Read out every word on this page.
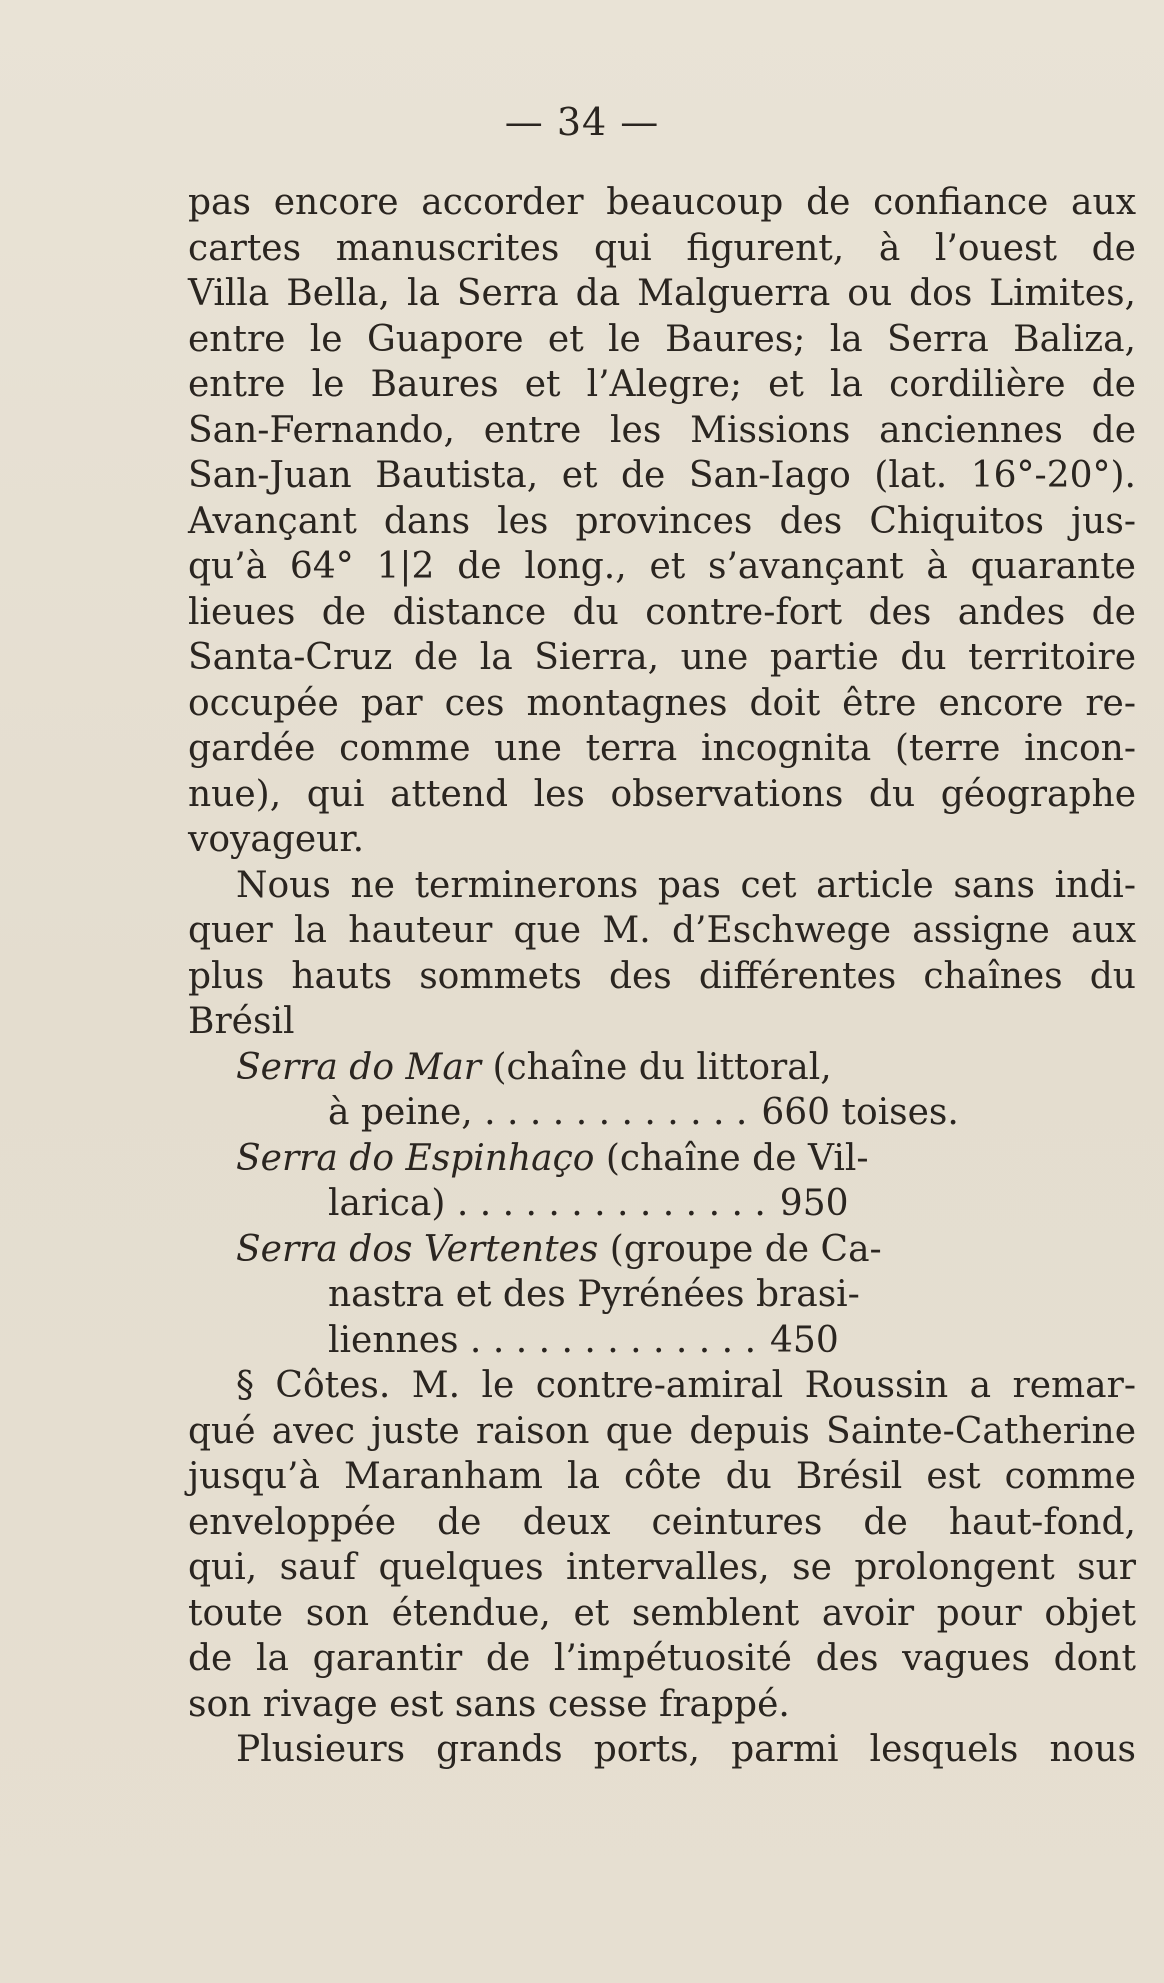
— 34 —
pas encore accorder beaucoup de confiance aux
cartes manuscrites qui figurent, à l’ouest de
Villa Bella, la Serra da Malguerra ou dos Limites,
entre le Guapore et le Baures; la Serra Baliza,
entre le Baures et l’Alegre; et la cordilière de
San-Fernando, entre les Missions anciennes de
San-Juan Bautista, et de San-Iago (lat. 16°-20°).
Avançant dans les provinces des Chiquitos jus-
qu’à 64° 1|2 de long., et s’avançant à quarante
lieues de distance du contre-fort des andes de
Santa-Cruz de la Sierra, une partie du territoire
occupée par ces montagnes doit être encore re-
gardée comme une terra incognita (terre incon-
nue), qui attend les observations du géographe
voyageur.
Nous ne terminerons pas cet article sans indi-
quer la hauteur que M. d’Eschwege assigne aux
plus hauts sommets des différentes chaînes du
Brésil
Serra do Mar (chaîne du littoral,
à peine, . . . . . . . . . . . . 660 toises.
Serra do Espinhaço (chaîne de Vil-
larica) . . . . . . . . . . . . . . 950
Serra dos Vertentes (groupe de Ca-
nastra et des Pyrénées brasi-
liennes . . . . . . . . . . . . . 450
§ Côtes. M. le contre-amiral Roussin a remar-
qué avec juste raison que depuis Sainte-Catherine
jusqu’à Maranham la côte du Brésil est comme
enveloppée de deux ceintures de haut-fond,
qui, sauf quelques intervalles, se prolongent sur
toute son étendue, et semblent avoir pour objet
de la garantir de l’impétuosité des vagues dont
son rivage est sans cesse frappé.
Plusieurs grands ports, parmi lesquels nous
